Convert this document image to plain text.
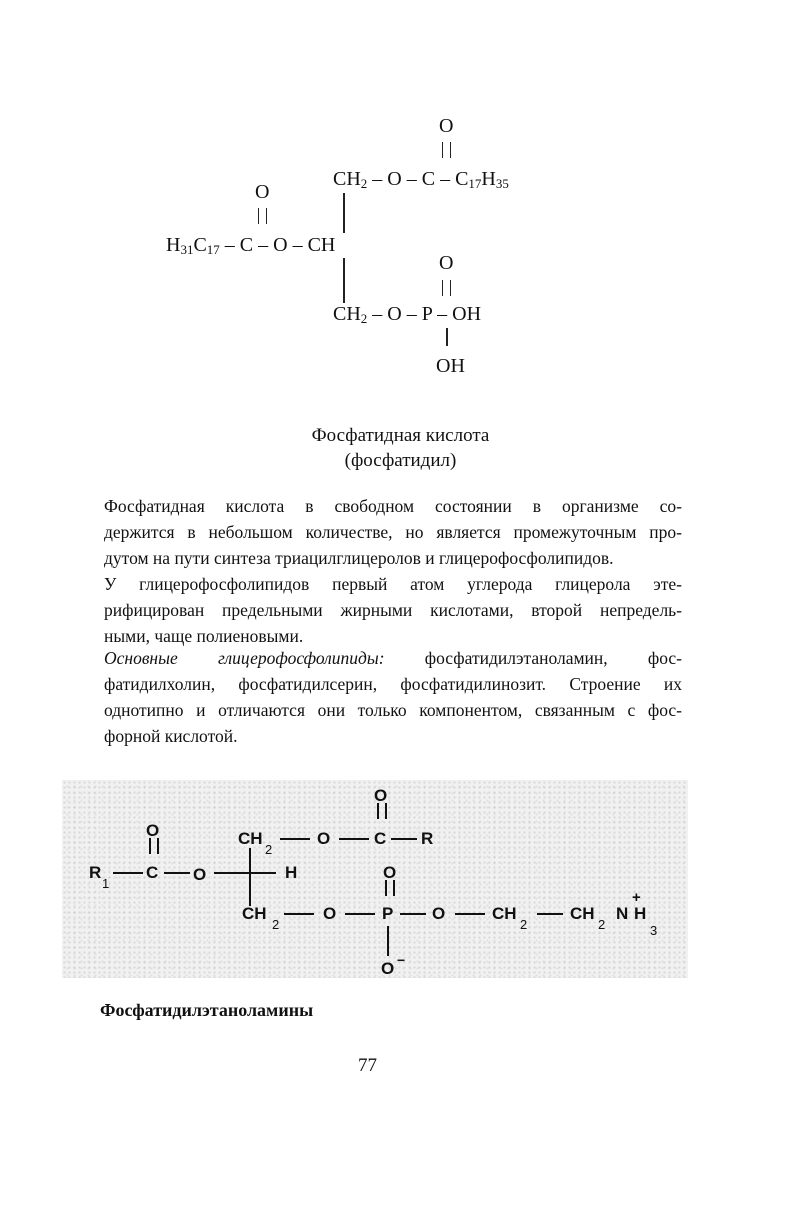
O
$CH_2$ – O – C – $C_{17}H_{35}$
O
$H_{31}C_{17}$ – C – O – CH
O
$CH_2$ – O – P – OH
OH
Фосфатидная кислота
(фосфатидил)
Фосфатидная кислота в свободном состоянии в организме со-
держится в небольшом количестве, но является промежуточным про-
дутом на пути синтеза триацилглицеролов и глицерофосфолипидов.
У глицерофосфолипидов первый атом углерода глицерола эте-
рифицирован предельными жирными кислотами, второй непредель-
ными, чаще полиеновыми.
Основные глицерофосфолипиды: фосфатидилэтаноламин, фос-
фатидилхолин, фосфатидилсерин, фосфатидилинозит. Строение их
однотипно и отличаются они только компонентом, связанным с фос-
форной кислотой.
O
O	CH
2
O	C R
R
1
C O	H	O
CH
2
O	P O	CH
2
CH
2
N
+
H
3
O −
Фосфатидилэтаноламины
77
